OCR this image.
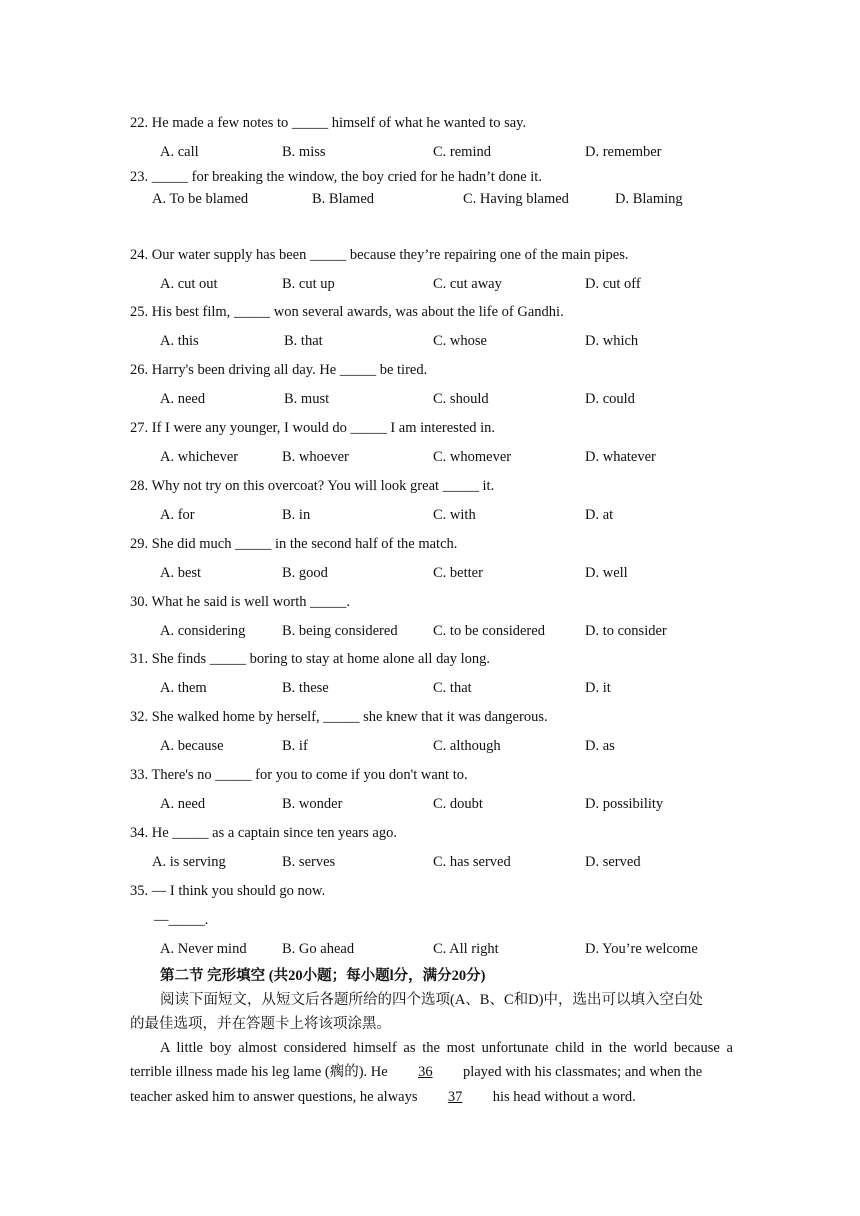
22. He made a few notes to _____ himself of what he wanted to say.
A. call	B. miss	C. remind	D. remember
23. _____ for breaking the window, the boy cried for he hadn’t done it.
A. To be blamed	B. Blamed	C. Having blamed	D. Blaming
24. Our water supply has been _____ because they’re repairing one of the main pipes.
A. cut out	B. cut up	C. cut away	D. cut off
25. His best film, _____ won several awards, was about the life of Gandhi.
A. this	B. that	C. whose	D. which
26. Harry's been driving all day. He _____ be tired.
A. need	B. must	C. should	D. could
27. If I were any younger, I would do _____ I am interested in.
A. whichever	B. whoever	C. whomever	D. whatever
28. Why not try on this overcoat? You will look great _____ it.
A. for	B. in	C. with	D. at
29. She did much _____ in the second half of the match.
A. best	B. good	C. better	D. well
30. What he said is well worth _____.
A. considering	B. being considered C. to be considered	D. to consider
31. She finds _____ boring to stay at home alone all day long.
A. them	B. these	C. that	D. it
32. She walked home by herself, _____ she knew that it was dangerous.
A. because	B. if	C. although	D. as
33. There's no _____ for you to come if you don't want to.
A. need	B. wonder	C. doubt	D. possibility
34. He _____ as a captain since ten years ago.
A. is serving	B. serves	C. has served	D. served
35. ― I think you should go now.
―_____.
A. Never mind B. Go ahead	C. All right	D. You’re welcome
第二节 完形填空 (共20小题；每小题l分，满分20分)
阅读下面短文，从短文后各题所给的四个选项(A、B、C和D)中，选出可以填入空白处
的最佳选项，并在答题卡上将该项涂黑。
A little boy almost considered himself as the most unfortunate child in the world because a
terrible illness made his leg lame (瘸的). He 36 played with his classmates; and when the
teacher asked him to answer questions, he always 37 his head without a word.
